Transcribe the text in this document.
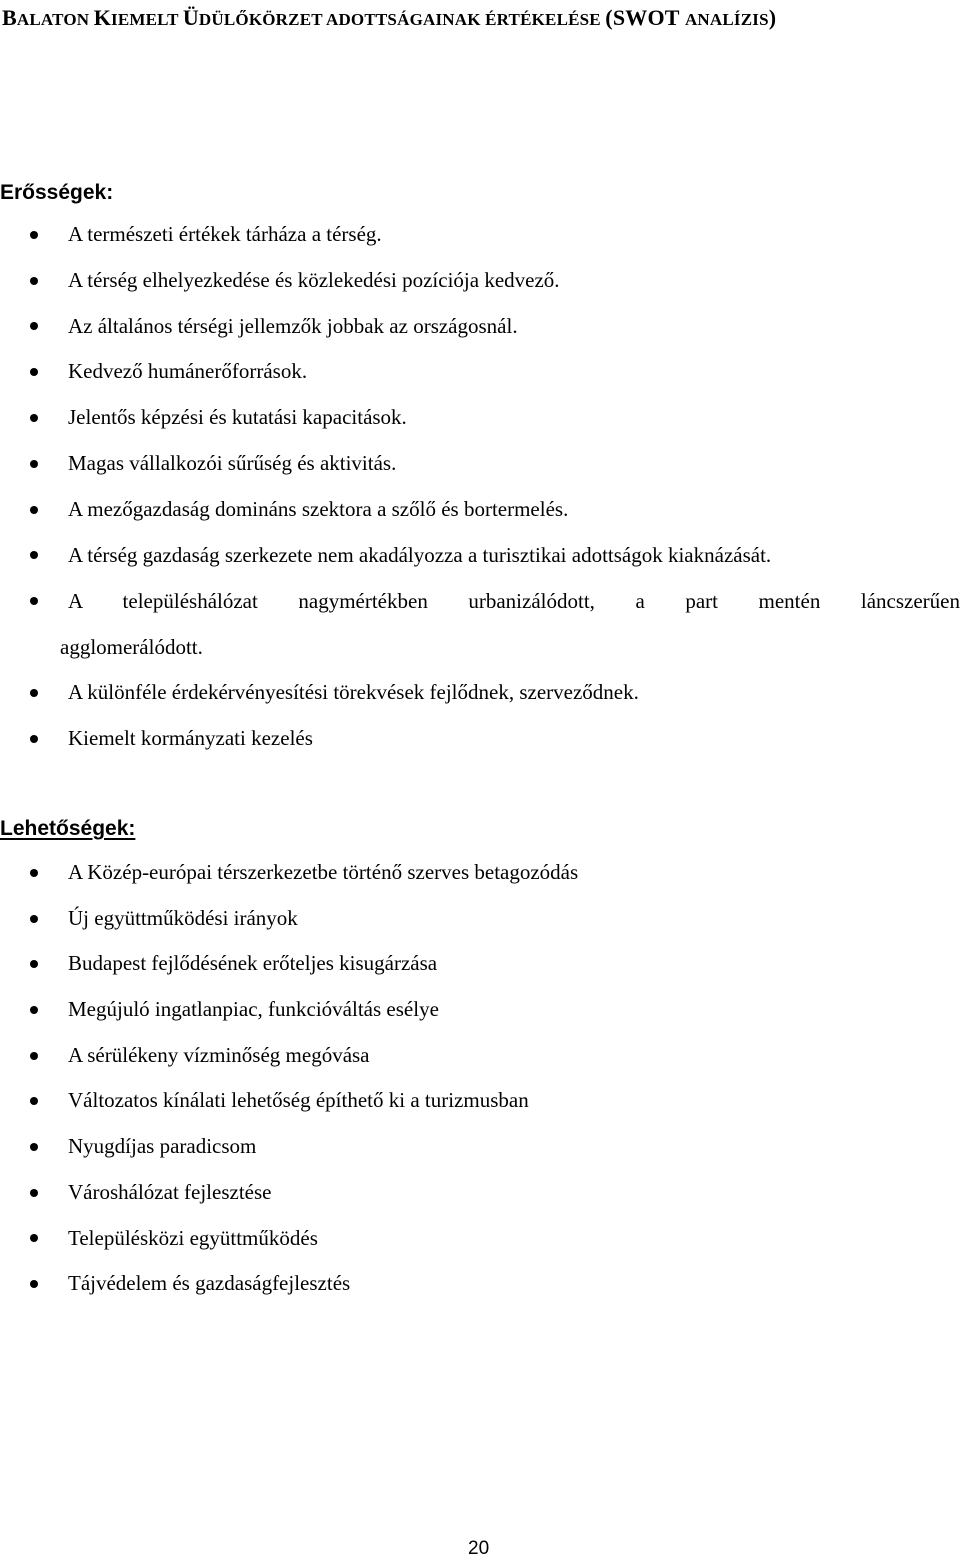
BALATON KIEMELT ÜDÜLŐKÖRZET ADOTTSÁGAINAK ÉRTÉKELÉSE (SWOT ANALÍZIS)
Erősségek:
A természeti értékek tárháza a térség.
A térség elhelyezkedése és közlekedési pozíciója kedvező.
Az általános térségi jellemzők jobbak az országosnál.
Kedvező humánerőforrások.
Jelentős képzési és kutatási kapacitások.
Magas vállalkozói sűrűség és aktivitás.
A mezőgazdaság domináns szektora a szőlő és bortermelés.
A térség gazdaság szerkezete nem akadályozza a turisztikai adottságok kiaknázását.
A településhálózat nagymértékben urbanizálódott, a part mentén láncszerűen
agglomerálódott.
A különféle érdekérvényesítési törekvések fejlődnek, szerveződnek.
Kiemelt kormányzati kezelés
Lehetőségek:
A Közép-európai térszerkezetbe történő szerves betagozódás
Új együttműködési irányok
Budapest fejlődésének erőteljes kisugárzása
Megújuló ingatlanpiac, funkcióváltás esélye
A sérülékeny vízminőség megóvása
Változatos kínálati lehetőség építhető ki a turizmusban
Nyugdíjas paradicsom
Városhálózat fejlesztése
Településközi együttműködés
Tájvédelem és gazdaságfejlesztés
20
